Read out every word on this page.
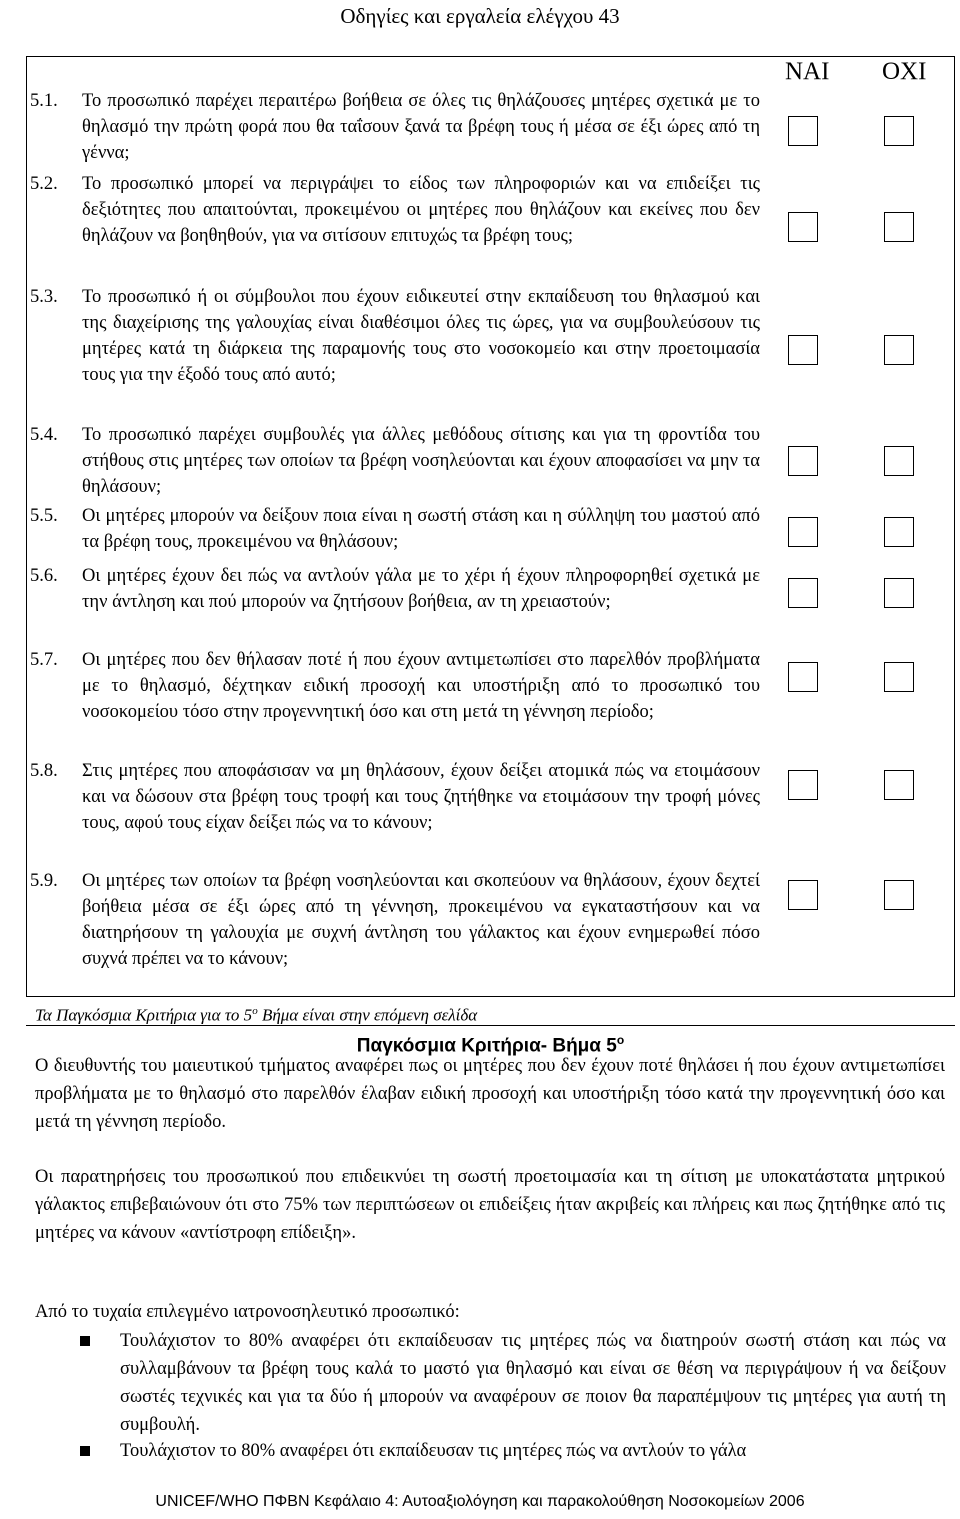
Οδηγίες και εργαλεία ελέγχου 43
ΝΑΙ ΟΧΙ
5.1.	Το προσωπικό παρέχει περαιτέρω βοήθεια σε όλες τις θηλάζουσες μητέρες σχετικά με το θηλασμό την πρώτη φορά που θα ταΐσουν ξανά τα βρέφη τους ή μέσα σε έξι ώρες από τη γέννα;
5.2.	Το προσωπικό μπορεί να περιγράψει το είδος των πληροφοριών και να επιδείξει τις δεξιότητες που απαιτούνται, προκειμένου οι μητέρες που θηλάζουν και εκείνες που δεν θηλάζουν να βοηθηθούν, για να σιτίσουν επιτυχώς τα βρέφη τους;
5.3.	Το προσωπικό ή οι σύμβουλοι που έχουν ειδικευτεί στην εκπαίδευση του θηλασμού και της διαχείρισης της γαλουχίας είναι διαθέσιμοι όλες τις ώρες, για να συμβουλεύσουν τις μητέρες κατά τη διάρκεια της παραμονής τους στο νοσοκομείο και στην προετοιμασία τους για την έξοδό τους από αυτό;
5.4.	Το προσωπικό παρέχει συμβουλές για άλλες μεθόδους σίτισης και για τη φροντίδα του στήθους στις μητέρες των οποίων τα βρέφη νοσηλεύονται και έχουν αποφασίσει να μην τα θηλάσουν;
5.5.	Οι μητέρες μπορούν να δείξουν ποια είναι η σωστή στάση και η σύλληψη του μαστού από τα βρέφη τους, προκειμένου να θηλάσουν;
5.6.	Οι μητέρες έχουν δει πώς να αντλούν γάλα με το χέρι ή έχουν πληροφορηθεί σχετικά με την άντληση και πού μπορούν να ζητήσουν βοήθεια, αν τη χρειαστούν;
5.7.	Οι μητέρες που δεν θήλασαν ποτέ ή που έχουν αντιμετωπίσει στο παρελθόν προβλήματα με το θηλασμό, δέχτηκαν ειδική προσοχή και υποστήριξη από το προσωπικό του νοσοκομείου τόσο στην προγεννητική όσο και στη μετά τη γέννηση περίοδο;
5.8.	Στις μητέρες που αποφάσισαν να μη θηλάσουν, έχουν δείξει ατομικά πώς να ετοιμάσουν και να δώσουν στα βρέφη τους τροφή και τους ζητήθηκε να ετοιμάσουν την τροφή μόνες τους, αφού τους είχαν δείξει πώς να το κάνουν;
5.9.	Οι μητέρες των οποίων τα βρέφη νοσηλεύονται και σκοπεύουν να θηλάσουν, έχουν δεχτεί βοήθεια μέσα σε έξι ώρες από τη γέννηση, προκειμένου να εγκαταστήσουν και να διατηρήσουν τη γαλουχία με συχνή άντληση του γάλακτος και έχουν ενημερωθεί πόσο συχνά πρέπει να το κάνουν;
Τα Παγκόσμια Κριτήρια για το $5^o$ Βήμα είναι στην επόμενη σελίδα
Παγκόσμια Κριτήρια- Βήμα $5^o$
Ο διευθυντής του μαιευτικού τμήματος αναφέρει πως οι μητέρες που δεν έχουν ποτέ θηλάσει ή που έχουν αντιμετωπίσει προβλήματα με το θηλασμό στο παρελθόν έλαβαν ειδική προσοχή και υποστήριξη τόσο κατά την προγεννητική όσο και μετά τη γέννηση περίοδο.
Οι παρατηρήσεις του προσωπικού που επιδεικνύει τη σωστή προετοιμασία και τη σίτιση με υποκατάστατα μητρικού γάλακτος επιβεβαιώνουν ότι στο 75% των περιπτώσεων οι επιδείξεις ήταν ακριβείς και πλήρεις και πως ζητήθηκε από τις μητέρες να κάνουν «αντίστροφη επίδειξη».
Από το τυχαία επιλεγμένο ιατρονοσηλευτικό προσωπικό:
Τουλάχιστον το 80% αναφέρει ότι εκπαίδευσαν τις μητέρες πώς να διατηρούν σωστή στάση και πώς να συλλαμβάνουν τα βρέφη τους καλά το μαστό για θηλασμό και είναι σε θέση να περιγράψουν ή να δείξουν σωστές τεχνικές και για τα δύο ή μπορούν να αναφέρουν σε ποιον θα παραπέμψουν τις μητέρες για αυτή τη συμβουλή.
Τουλάχιστον το 80% αναφέρει ότι εκπαίδευσαν τις μητέρες πώς να αντλούν το γάλα
UNICEF/WHO ΠΦΒΝ Κεφάλαιο 4: Αυτοαξιολόγηση και παρακολούθηση Νοσοκομείων 2006
